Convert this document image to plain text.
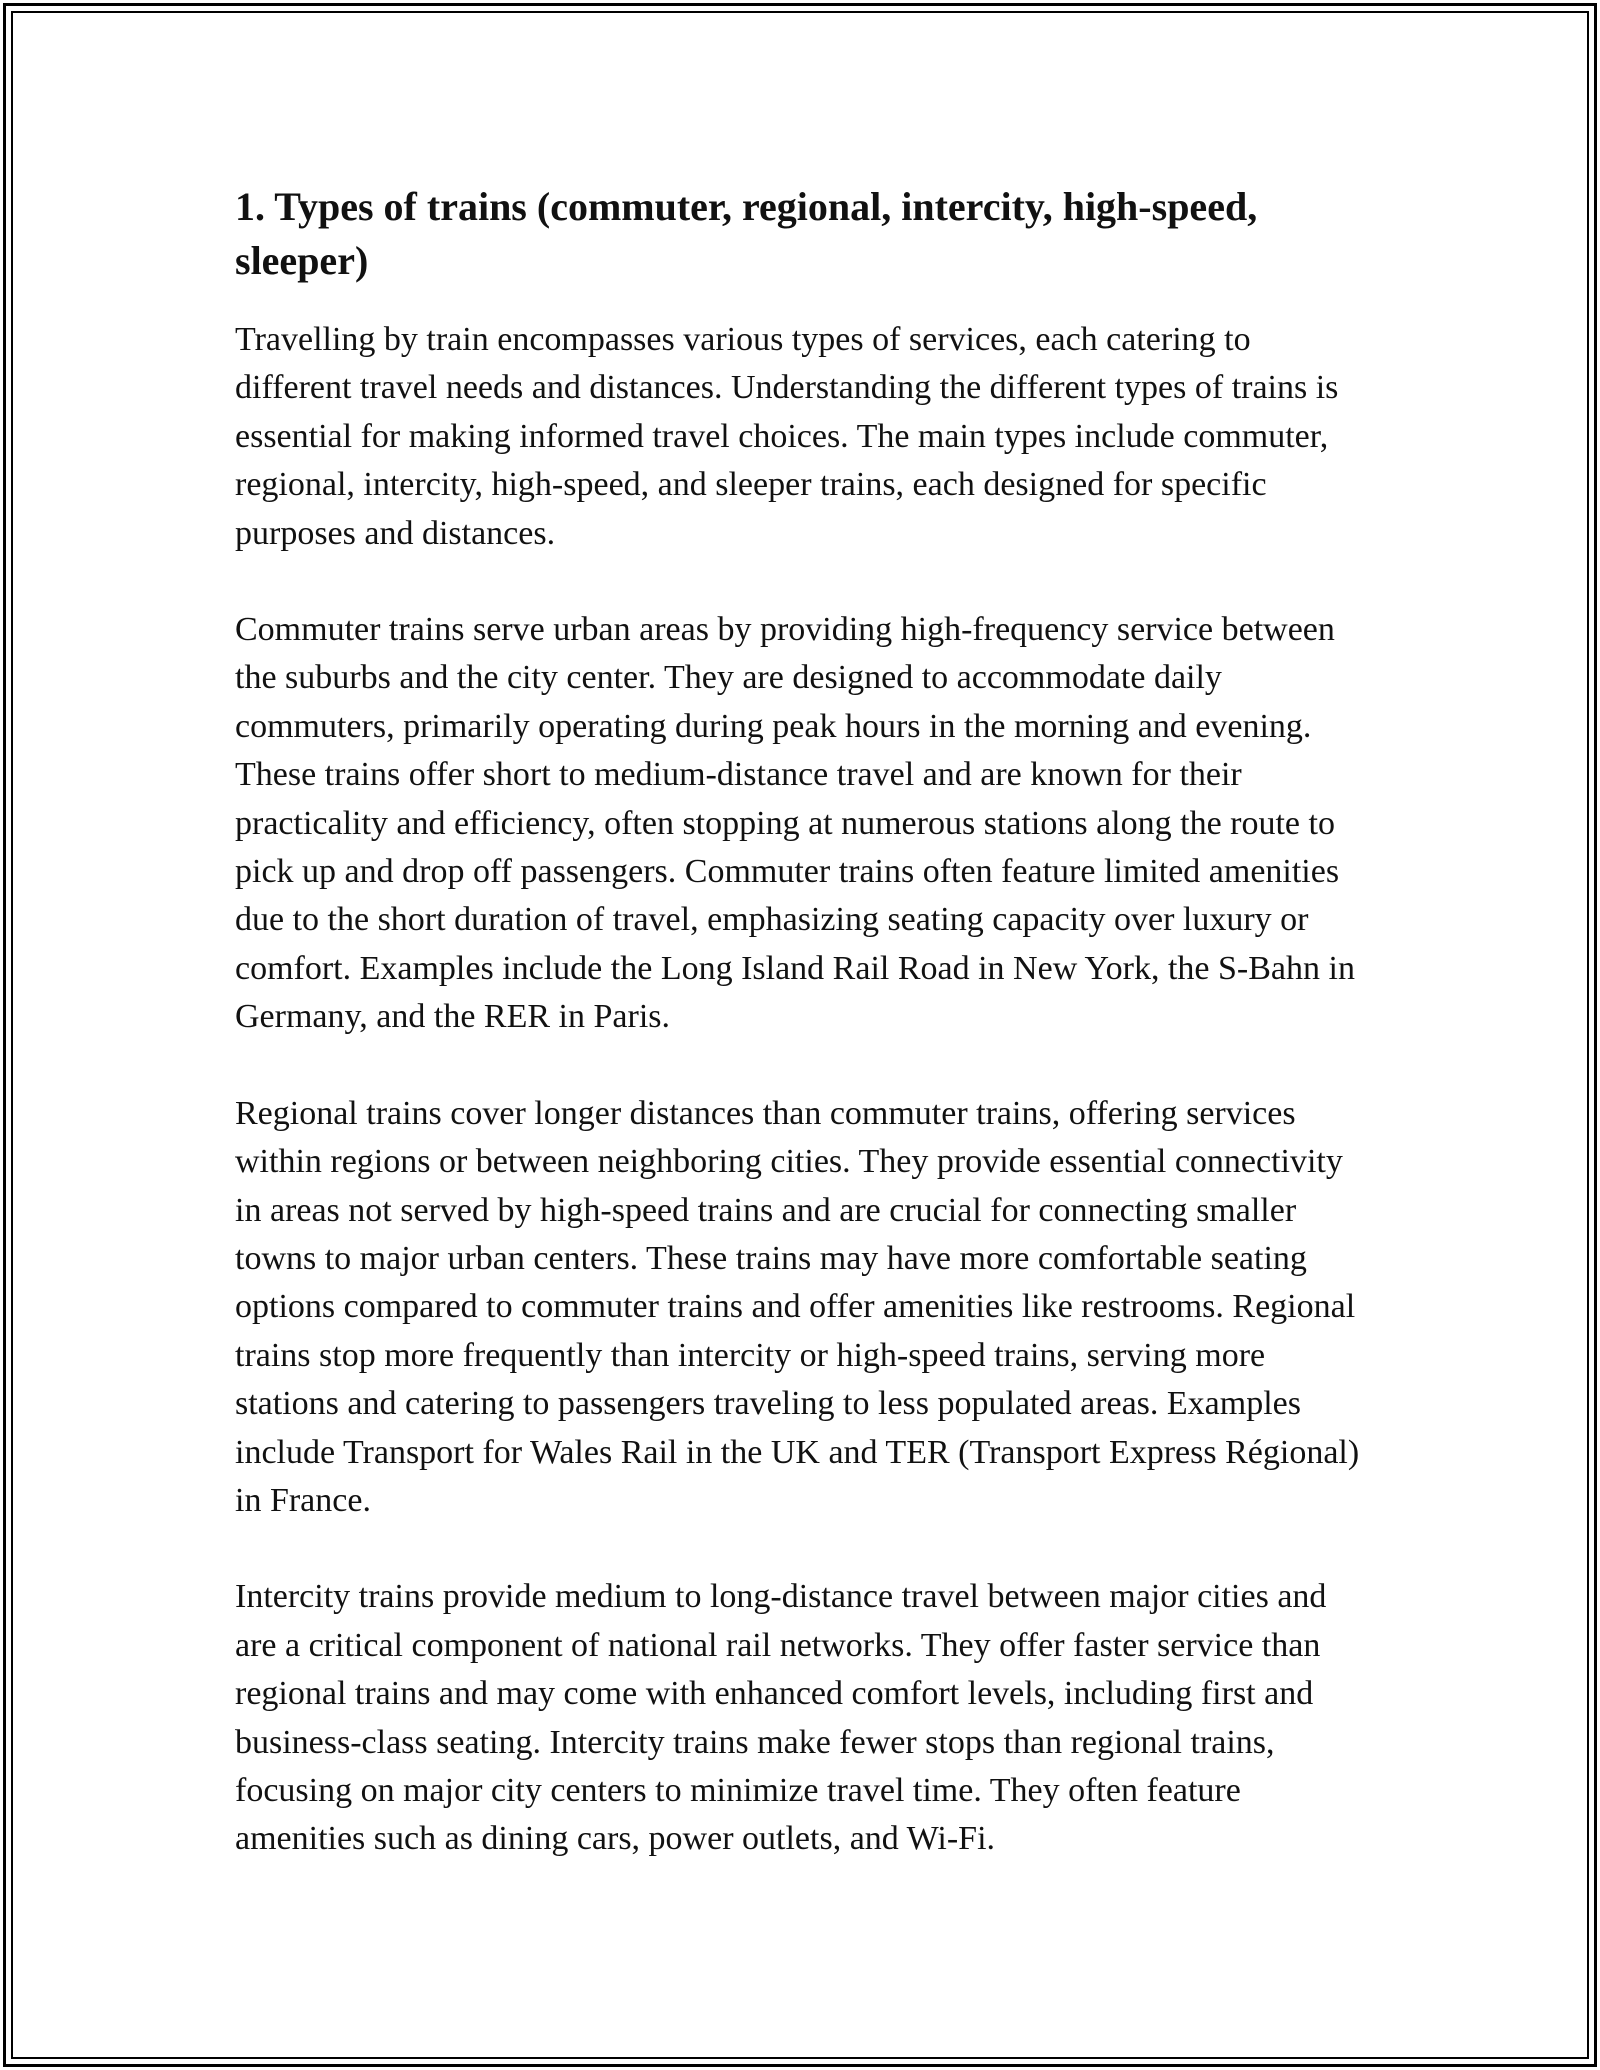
1. Types of trains (commuter, regional, intercity, high-speed, sleeper)

Travelling by train encompasses various types of services, each catering to different travel needs and distances. Understanding the different types of trains is essential for making informed travel choices. The main types include commuter, regional, intercity, high-speed, and sleeper trains, each designed for specific purposes and distances.

Commuter trains serve urban areas by providing high-frequency service between the suburbs and the city center. They are designed to accommodate daily commuters, primarily operating during peak hours in the morning and evening. These trains offer short to medium-distance travel and are known for their practicality and efficiency, often stopping at numerous stations along the route to pick up and drop off passengers. Commuter trains often feature limited amenities due to the short duration of travel, emphasizing seating capacity over luxury or comfort. Examples include the Long Island Rail Road in New York, the S-Bahn in Germany, and the RER in Paris.

Regional trains cover longer distances than commuter trains, offering services within regions or between neighboring cities. They provide essential connectivity in areas not served by high-speed trains and are crucial for connecting smaller towns to major urban centers. These trains may have more comfortable seating options compared to commuter trains and offer amenities like restrooms. Regional trains stop more frequently than intercity or high-speed trains, serving more stations and catering to passengers traveling to less populated areas. Examples include Transport for Wales Rail in the UK and TER (Transport Express Régional) in France.

Intercity trains provide medium to long-distance travel between major cities and are a critical component of national rail networks. They offer faster service than regional trains and may come with enhanced comfort levels, including first and business-class seating. Intercity trains make fewer stops than regional trains, focusing on major city centers to minimize travel time. They often feature amenities such as dining cars, power outlets, and Wi-Fi.
